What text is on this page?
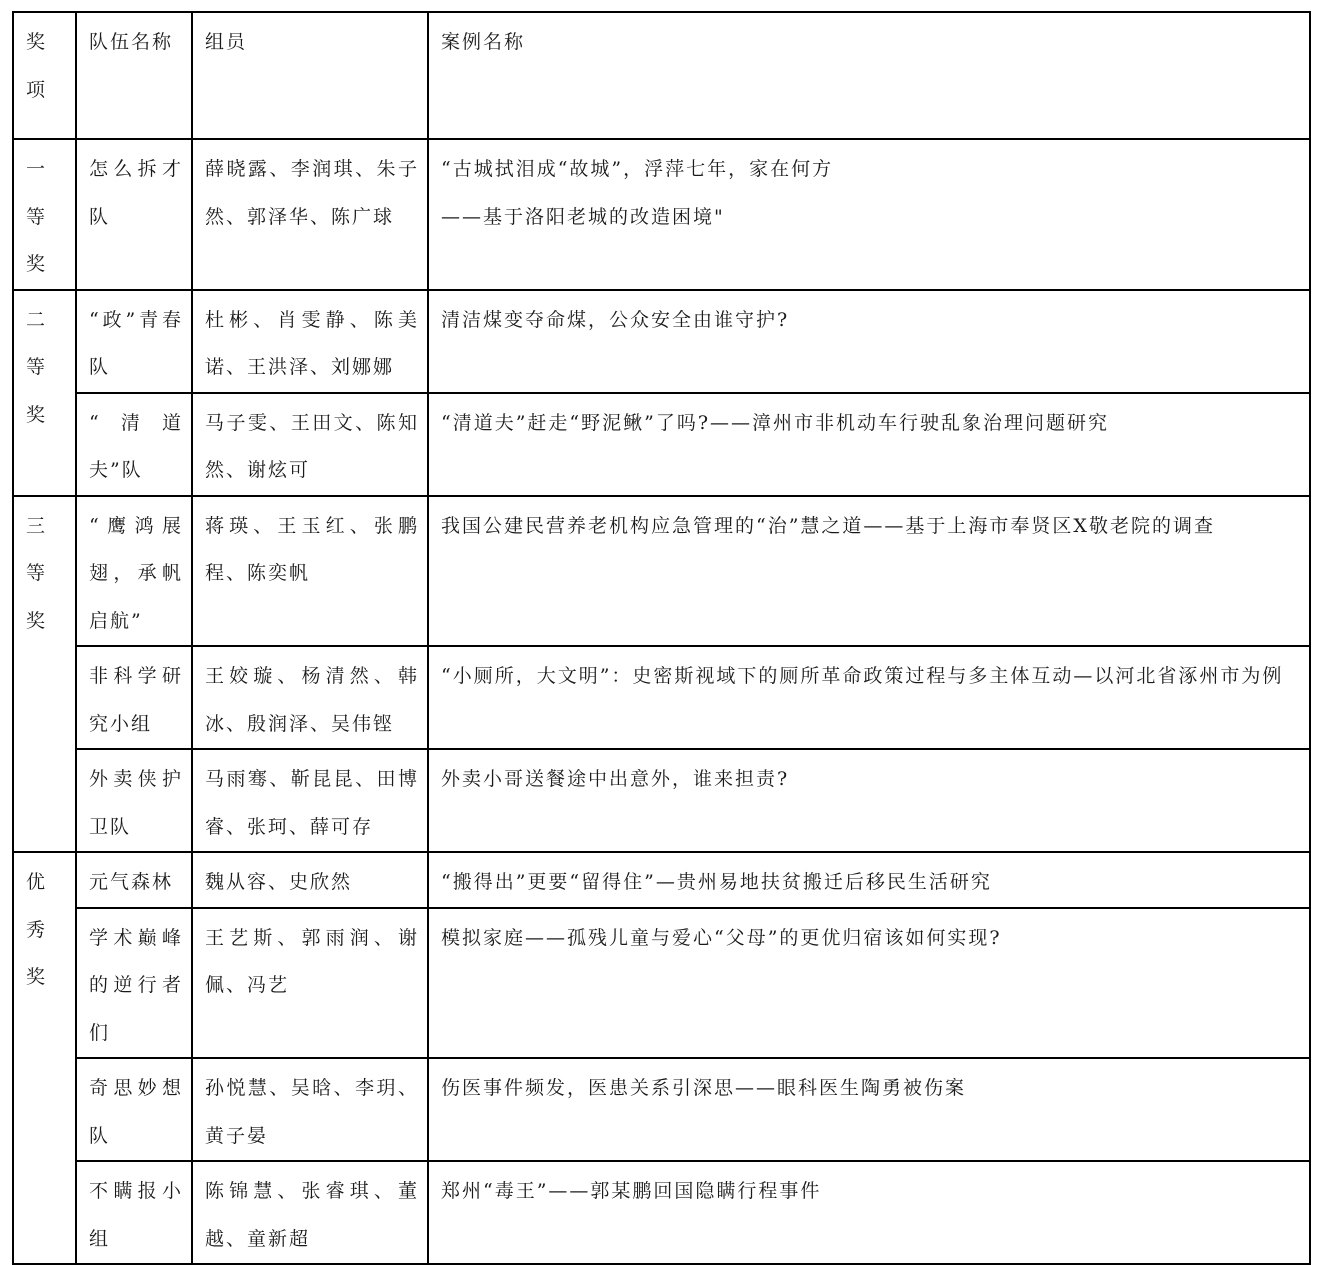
奖项	队伍名称	组员	案例名称
一等奖	怎么拆才队	薛晓露、李润琪、朱子然、郭泽华、陈广球	“古城拭泪成“故城”，浮萍七年，家在何方
——基于洛阳老城的改造困境"

二等奖	“政”青春队	杜彬、肖雯静、陈美诺、王洪泽、刘娜娜	清洁煤变夺命煤，公众安全由谁守护?
	“清道夫”队	马子雯、王田文、陈知然、谢炫可	“清道夫”赶走“野泥鳅”了吗?——漳州市非机动车行驶乱象治理问题研究
三等奖	“鹰鸿展翅，承帆启航”	蒋瑛、王玉红、张鹏程、陈奕帆	我国公建民营养老机构应急管理的“治”慧之道——基于上海市奉贤区X敬老院的调查
	非科学研究小组	王姣璇、杨清然、韩冰、殷润泽、吴伟铿	“小厕所，大文明”：史密斯视域下的厕所革命政策过程与多主体互动—以河北省涿州市为例
	外卖侠护卫队	马雨骞、靳昆昆、田博睿、张珂、薛可存	外卖小哥送餐途中出意外，谁来担责?
优秀奖	元气森林	魏从容、史欣然	“搬得出”更要“留得住”—贵州易地扶贫搬迁后移民生活研究
	学术巅峰的逆行者们	王艺斯、郭雨润、谢佩、冯艺	模拟家庭——孤残儿童与爱心“父母”的更优归宿该如何实现?
	奇思妙想队	孙悦慧、吴晗、李玥、黄子晏	伤医事件频发，医患关系引深思——眼科医生陶勇被伤案
	不瞒报小组	陈锦慧、张睿琪、董越、童新超	郑州“毒王”——郭某鹏回国隐瞒行程事件
